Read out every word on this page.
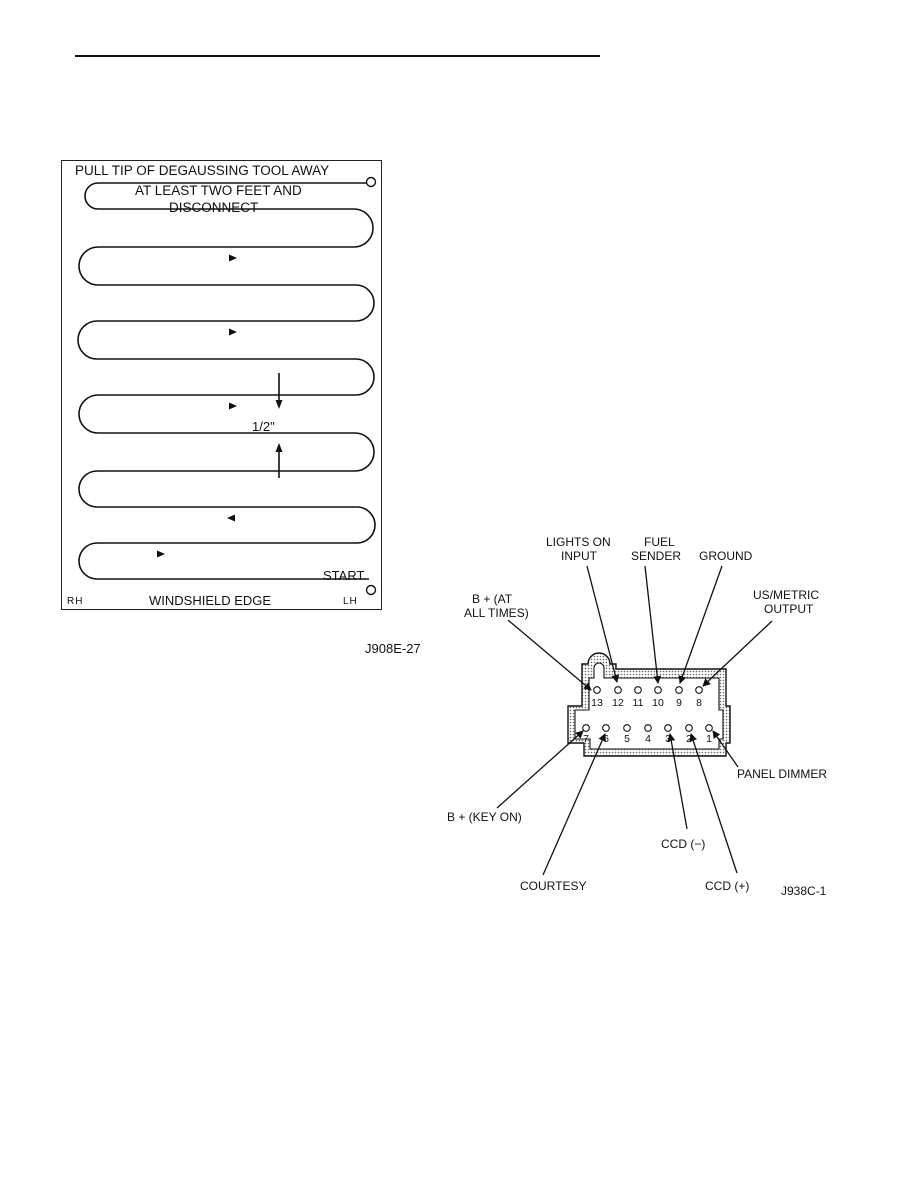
PULL TIP OF DEGAUSSING TOOL AWAY
AT LEAST TWO FEET AND
DISCONNECT
1/2"
START
WINDSHIELD EDGE
RH	LH
J908E-27
13 12 11 10	9	8
7	6	5	4	3	2	1
LIGHTS ON
INPUT
FUEL
SENDER GROUND
B + (AT
ALL TIMES)
US/METRIC
OUTPUT
PANEL DIMMER
B + (KEY ON)
CCD (−)
COURTESY	CCD (+)	J938C-1
